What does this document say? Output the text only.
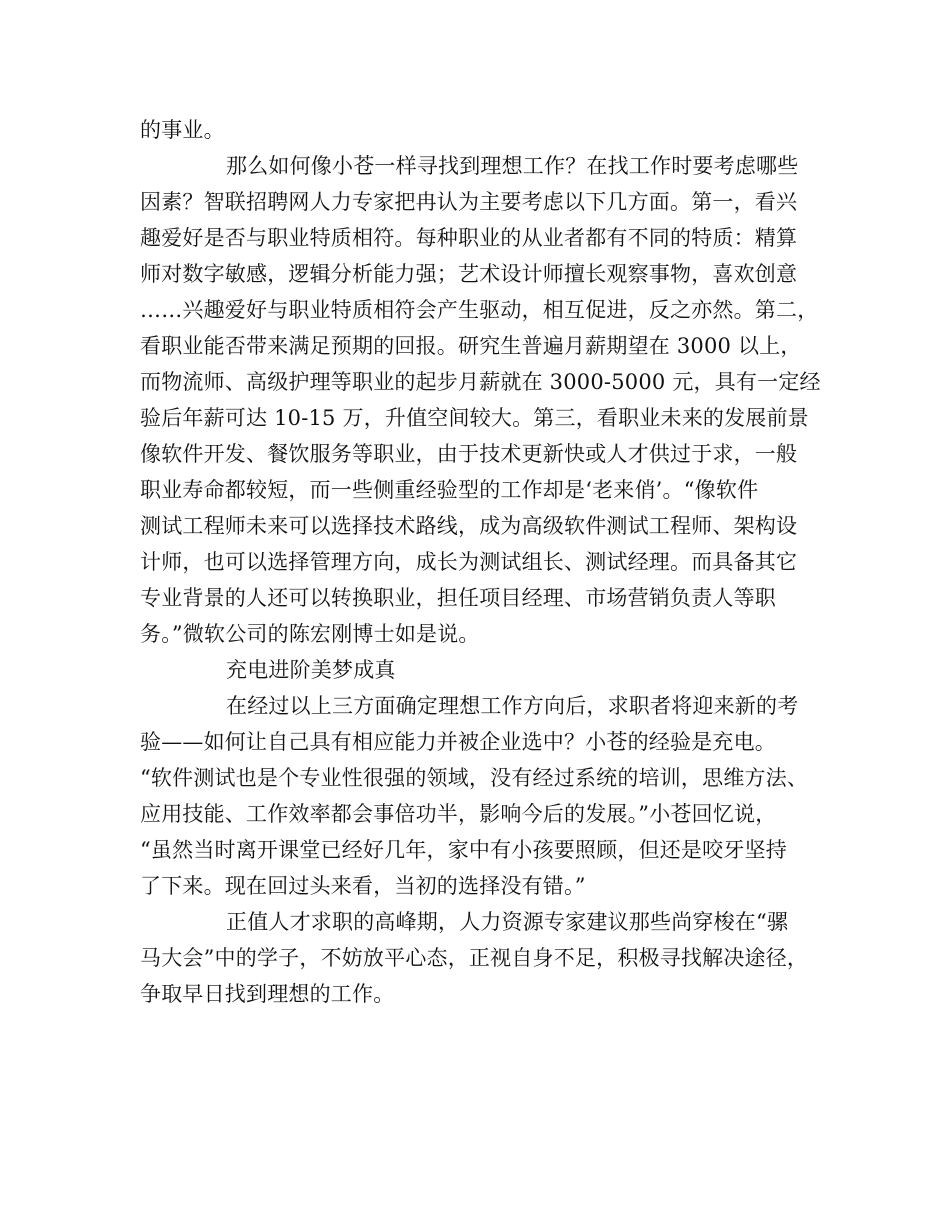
的事业。
那么如何像小苍一样寻找到理想工作？在找工作时要考虑哪些
因素？智联招聘网人力专家把冉认为主要考虑以下几方面。第一，看兴
趣爱好是否与职业特质相符。每种职业的从业者都有不同的特质：精算
师对数字敏感，逻辑分析能力强；艺术设计师擅长观察事物，喜欢创意
……兴趣爱好与职业特质相符会产生驱动，相互促进，反之亦然。第二，
看职业能否带来满足预期的回报。研究生普遍月薪期望在 3000 以上，
而物流师、高级护理等职业的起步月薪就在 3000-5000 元，具有一定经
验后年薪可达 10-15 万，升值空间较大。第三，看职业未来的发展前景
像软件开发、餐饮服务等职业，由于技术更新快或人才供过于求，一般
职业寿命都较短，而一些侧重经验型的工作却是‘老来俏’。“像软件
测试工程师未来可以选择技术路线，成为高级软件测试工程师、架构设
计师，也可以选择管理方向，成长为测试组长、测试经理。而具备其它
专业背景的人还可以转换职业，担任项目经理、市场营销负责人等职
务。”微软公司的陈宏刚博士如是说。
充电进阶美梦成真
在经过以上三方面确定理想工作方向后，求职者将迎来新的考
验——如何让自己具有相应能力并被企业选中？小苍的经验是充电。
“软件测试也是个专业性很强的领域，没有经过系统的培训，思维方法、
应用技能、工作效率都会事倍功半，影响今后的发展。”小苍回忆说，
“虽然当时离开课堂已经好几年，家中有小孩要照顾，但还是咬牙坚持
了下来。现在回过头来看，当初的选择没有错。”
正值人才求职的高峰期，人力资源专家建议那些尚穿梭在“骡
马大会”中的学子，不妨放平心态，正视自身不足，积极寻找解决途径，
争取早日找到理想的工作。
